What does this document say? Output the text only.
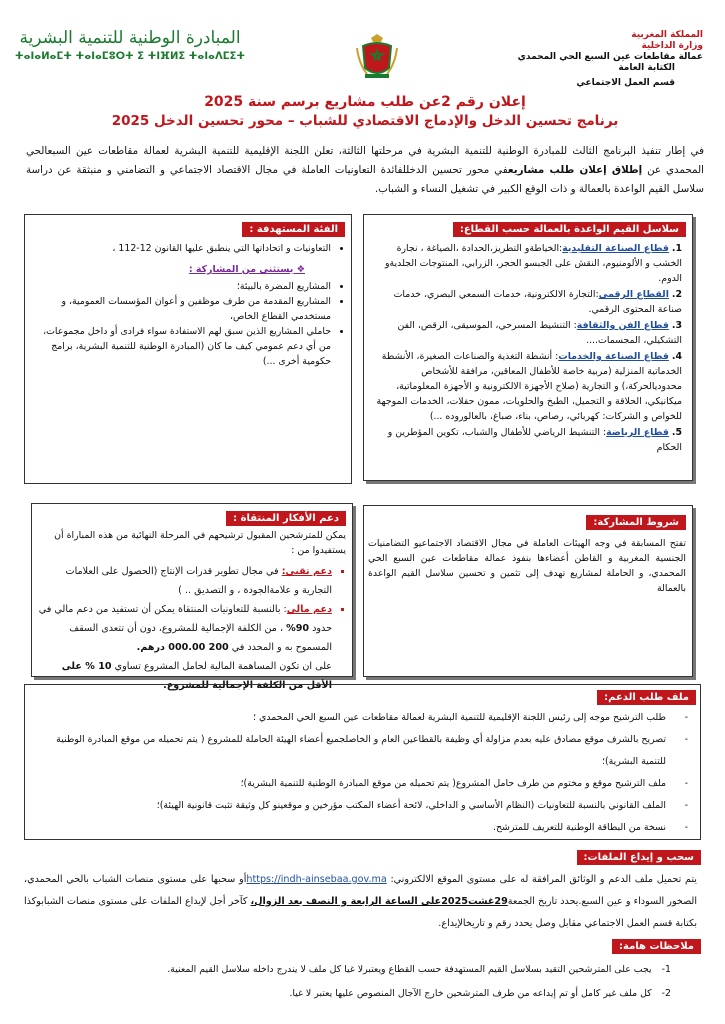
المملكة المغربية
وزارة الداخلية
عمالة مقاطعات عين السبع الحي المحمدي
الكتابة العامة
قسم العمل الاجتماعي
المبادرة الوطنية للتنمية البشرية
ⵜⴰⵏⴰⵍⴰⵎⵜ ⵜⴰⵏⴰⵎⵓⵔⵜ ⵉ ⵜⵏⴼⵍⵉ ⵜⴰⵏⴰⴷⵎⵉⵜ
إعلان رقم 2عن طلب مشاريع برسم سنة 2025
برنامج تحسين الدخل والإدماج الاقتصادي للشباب – محور تحسين الدخل 2025
في إطار تنفيذ البرنامج الثالث للمبادرة الوطنية للتنمية البشرية في مرحلتها الثالثة، تعلن اللجنة الإقليمية للتنمية البشرية لعمالة مقاطعات عين السبعالحي المحمدي عن إطلاق إعلان طلب مشاريعفي محور تحسين الدخللفائدة التعاونيات العاملة في مجال الاقتصاد الاجتماعي و التضامني و منبثقة عن دراسة سلاسل القيم الواعدة بالعمالة و ذات الوقع الكبير في تشغيل النساء و الشباب.
سلاسل القيم الواعدة بالعمالة حسب القطاع:
1. قطاع الصناعة التقليدية:الخياطةو التطريز،الحدادة ،الصياغة ، نجارة الخشب و الألومنيوم، النقش على الجبسو الحجر، الزرابي، المنتوجات الجلديةو الدوم.
2. القطاع الرقمي:التجارة الالكترونية، خدمات السمعي البصري، خدمات صناعة المحتوى الرقمي.
3. قطاع الفن والثقافة: التنشيط المسرحي، الموسيقى، الرقص، الفن التشكيلي، المجسمات....
4. قطاع الصناعة والخدمات: أنشطة التغذية والصناعات الصغيرة، الأنشطة الخدماتية المنزلية (مربية خاصة للأطفال المعاقين، مرافقة للأشخاص محدوديالحركة،) و التجارية (صلاح الأجهزة الالكترونية و الأجهزة المعلوماتية، ميكانيكي، الحلاقة و التجميل، الطبخ والحلويات، ممون حفلات، الخدمات الموجهة للخواص و الشركات: كهربائي، رصاص، بناء، صباغ، بالعالوروده ...)
5. قطاع الرياضة: التنشيط الرياضي للأطفال والشباب، تكوين المؤطرين و الحكام
الفئة المستهدفة :
• التعاونيات و اتحاداتها التي ينطبق عليها القانون 12-112 ،
❖ يستثنى من المشاركة :
• المشاريع المضرة بالبيئة؛
• المشاريع المقدمة من طرف موظفين و أعوان المؤسسات العمومية، و مستخدمي القطاع الخاص،
• حاملي المشاريع الذين سبق لهم الاستفادة سواء فرادى أو داخل مجموعات، من أي دعم عمومي كيف ما كان (المبادرة الوطنية للتنمية البشرية، برامج حكومية أخرى ...)
شروط المشاركة:
تفتح المسابقة في وجه الهيئات العاملة في مجال الاقتصاد الاجتماعيو التضامنيات الجنسية المغربية و القاطن أعضاءها بنفوذ عمالة مقاطعات عين السبع الحي المحمدي، و الحاملة لمشاريع تهدف إلى تثمين و تحسين سلاسل القيم الواعدة بالعمالة
دعم الأفكار المنتقاة :
يمكن للمترشحين المقبول ترشيحهم في المرحلة النهائية من هذه المباراة أن يستفيدوا من :
▪ دعم تقني: في مجال تطوير قدرات الإنتاج (الحصول على العلامات التجارية و علامةالجودة ، و التصديق .. )
▪ دعم مالي: بالنسبة للتعاونيات المنتقاة يمكن أن تستفيد من دعم مالي في حدود 90% ، من الكلفة الإجمالية للمشروع، دون أن تتعدى السقف المسموح به و المحدد في 200 000.00 درهم.
على ان تكون المساهمة المالية لحامل المشروع تساوي 10 % على الأقل من الكلفة الإجمالية للمشروع.
ملف طلب الدعم:
- طلب الترشيح موجه إلى رئيس اللجنة الإقليمية للتنمية البشرية لعمالة مقاطعات عين السبع الحي المحمدي ؛
- تصريح بالشرف موقع مصادق عليه بعدم مزاولة أي وظيفة بالقطاعين العام و الخاصلجميع أعضاء الهيئة الحاملة للمشروع ( يتم تحميله من موقع المبادرة الوطنية للتنمية البشرية)؛
- ملف الترشيح موقع و مختوم من طرف حامل المشروع( يتم تحميله من موقع المبادرة الوطنية للتنمية البشرية)؛
- الملف القانوني بالنسبة للتعاونيات (النظام الأساسي و الداخلي، لائحة أعضاء المكتب مؤرخين و موقعينو كل وثيقة تثبت قانونية الهيئة)؛
- نسخة من البطاقة الوطنية للتعريف للمترشح.
سحب و إيداع الملفات:
يتم تحميل ملف الدعم و الوثائق المرافقة له على مستوى الموقع الالكتروني: https://indh-ainsebaa.gov.maأو سحبها على مستوى منصات الشباب بالحي المحمدي، الصخور السوداء و عين السبع.يحدد تاريخ الجمعة29غشت2025على الساعة الرابعة و النصف بعد الزوال، كآخر أجل لإيداع الملفات على مستوى منصات الشبابوكذا بكتابة قسم العمل الاجتماعي مقابل وصل يحدد رقم و تاريخالإيداع.
ملاحظات هامة:
1-يجب على المترشحين التقيد بسلاسل القيم المستهدفة حسب القطاع ويعتبرلا غيا كل ملف لا يندرج داخله سلاسل القيم المعنية.
2-كل ملف غير كامل أو تم إيداعه من طرف المترشحين خارج الآجال المنصوص عليها يعتبر لا غيا.
